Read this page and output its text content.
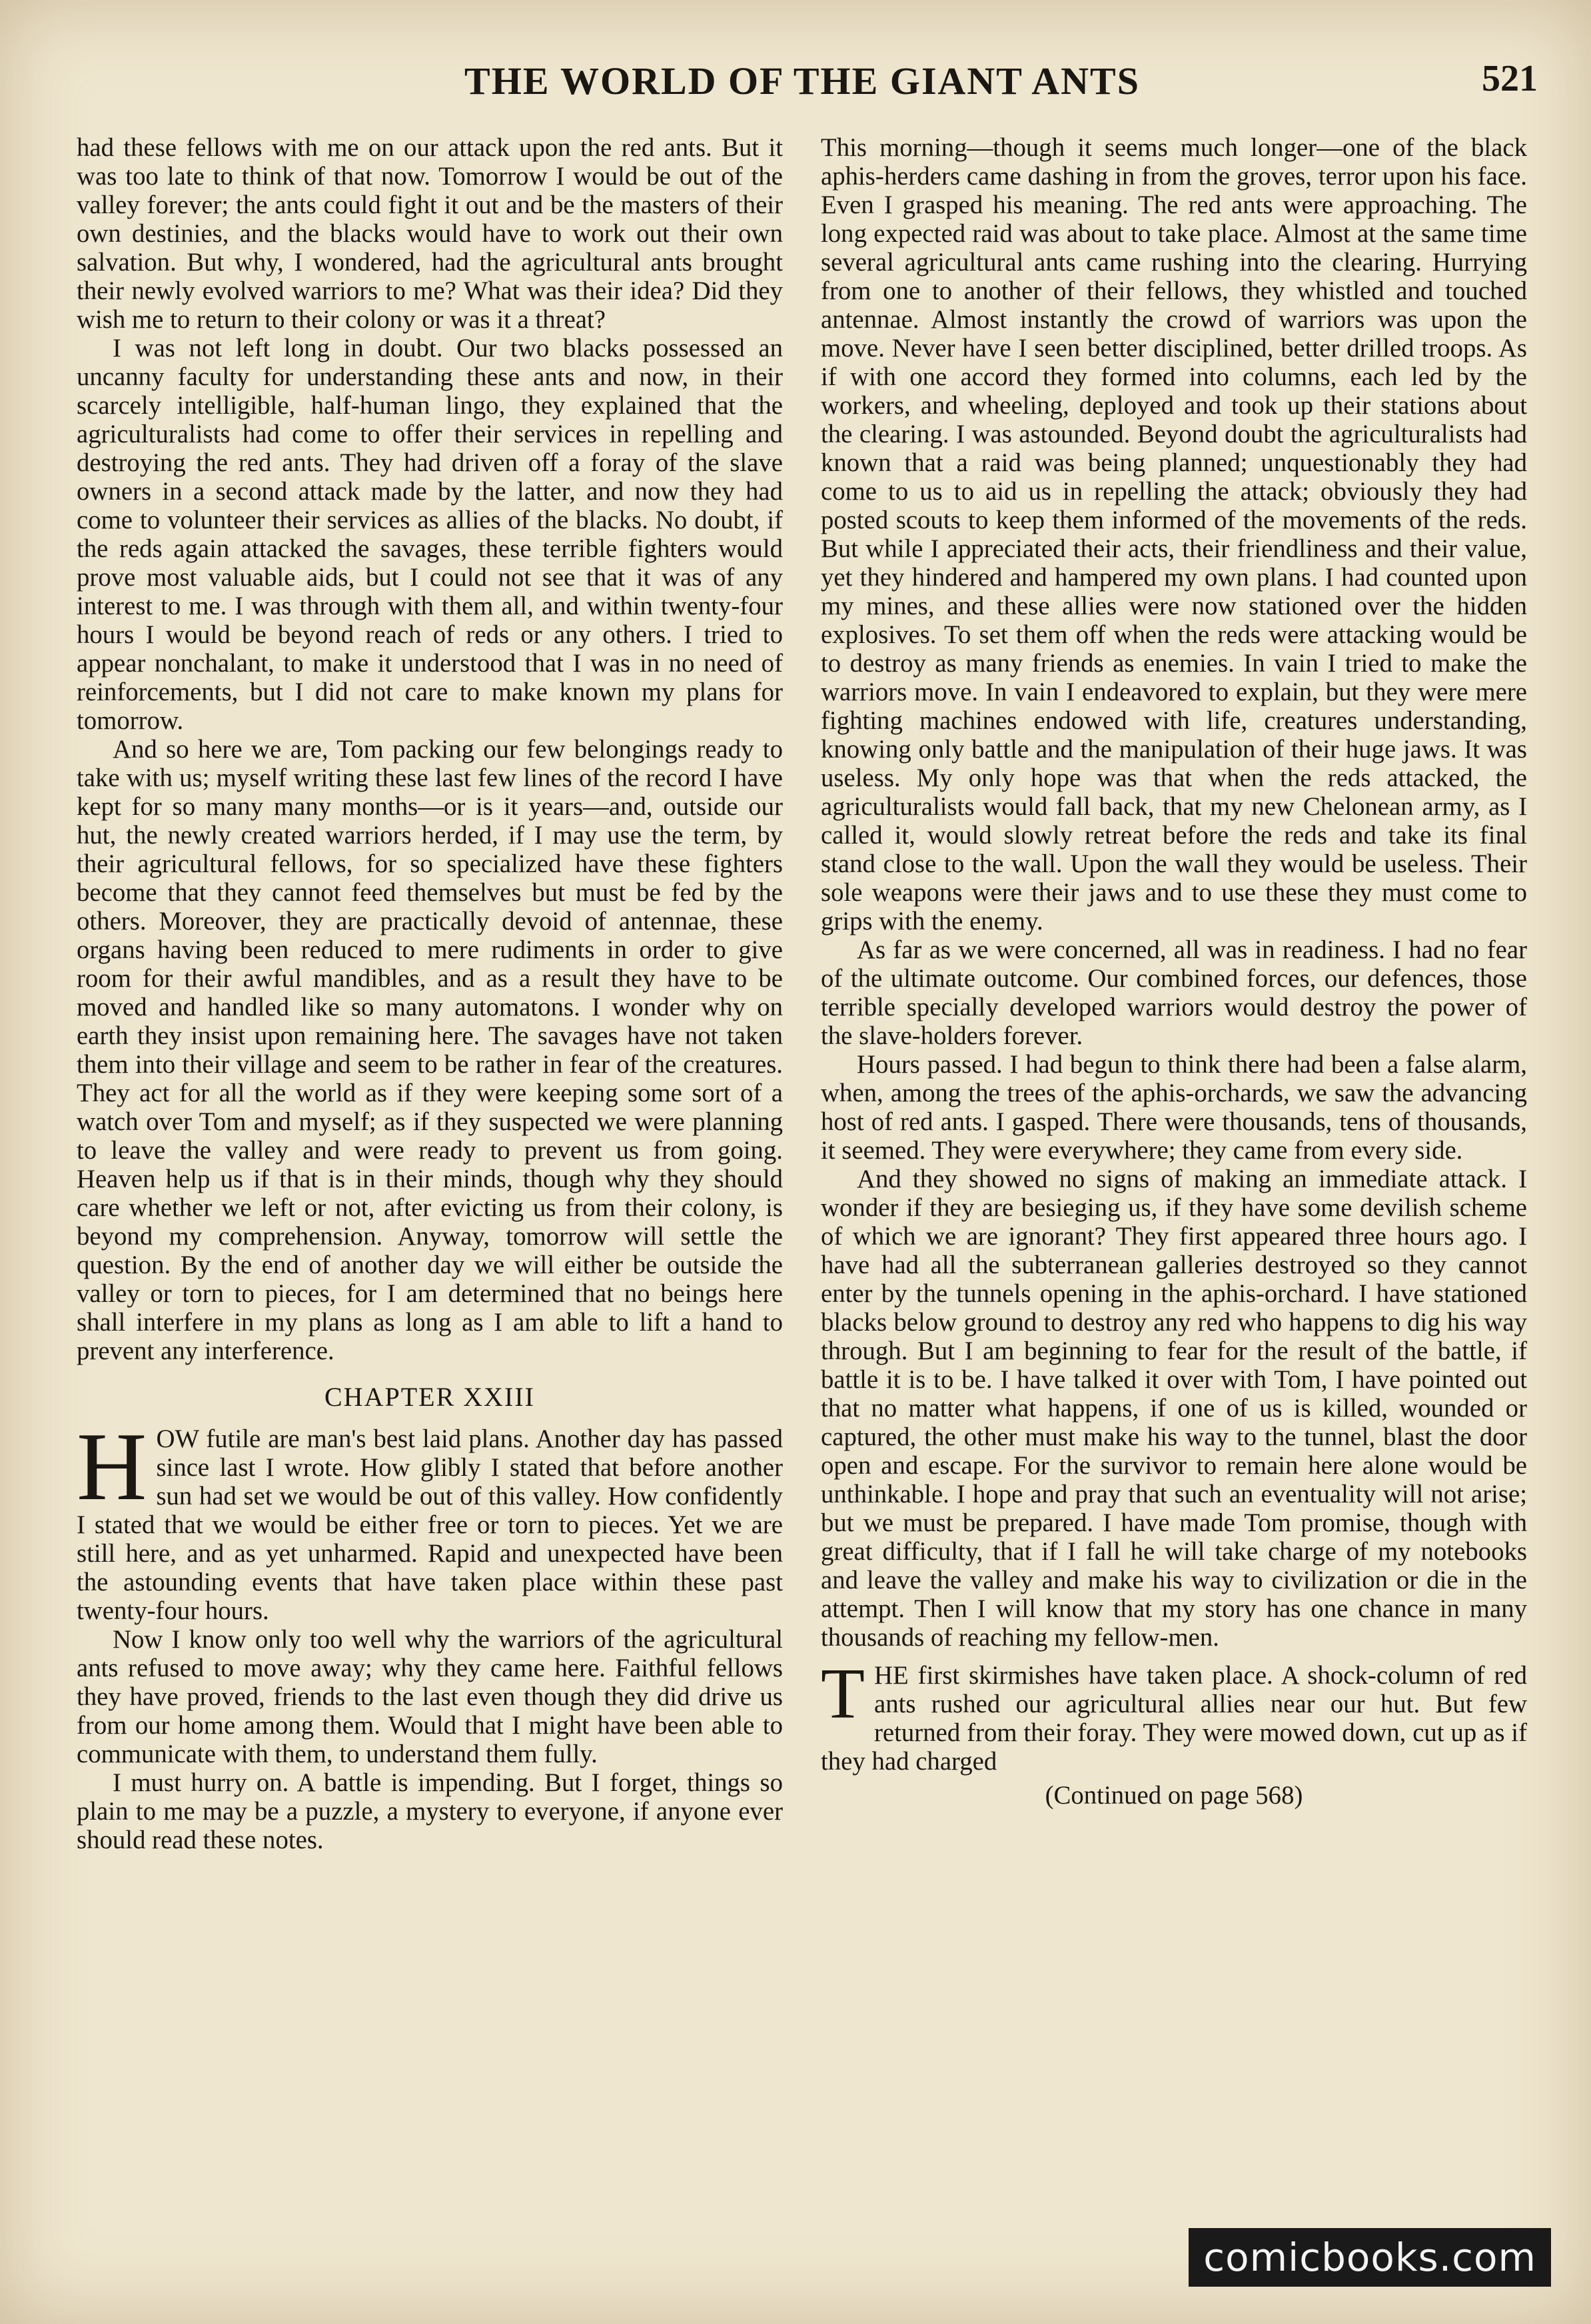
THE WORLD OF THE GIANT ANTS	521

had these fellows with me on our attack upon the red ants. But it was too late to think of that now. Tomorrow I would be out of the valley forever; the ants could fight it out and be the masters of their own destinies, and the blacks would have to work out their own salvation. But why, I wondered, had the agricultural ants brought their newly evolved warriors to me? What was their idea? Did they wish me to return to their colony or was it a threat?

I was not left long in doubt. Our two blacks possessed an uncanny faculty for understanding these ants and now, in their scarcely intelligible, half-human lingo, they explained that the agriculturalists had come to offer their services in repelling and destroying the red ants. They had driven off a foray of the slave owners in a second attack made by the latter, and now they had come to volunteer their services as allies of the blacks. No doubt, if the reds again attacked the savages, these terrible fighters would prove most valuable aids, but I could not see that it was of any interest to me. I was through with them all, and within twenty-four hours I would be beyond reach of reds or any others. I tried to appear nonchalant, to make it understood that I was in no need of reinforcements, but I did not care to make known my plans for tomorrow.

And so here we are, Tom packing our few belongings ready to take with us; myself writing these last few lines of the record I have kept for so many many months—or is it years—and, outside our hut, the newly created warriors herded, if I may use the term, by their agricultural fellows, for so specialized have these fighters become that they cannot feed themselves but must be fed by the others. Moreover, they are practically devoid of antennae, these organs having been reduced to mere rudiments in order to give room for their awful mandibles, and as a result they have to be moved and handled like so many automatons. I wonder why on earth they insist upon remaining here. The savages have not taken them into their village and seem to be rather in fear of the creatures. They act for all the world as if they were keeping some sort of a watch over Tom and myself; as if they suspected we were planning to leave the valley and were ready to prevent us from going. Heaven help us if that is in their minds, though why they should care whether we left or not, after evicting us from their colony, is beyond my comprehension. Anyway, tomorrow will settle the question. By the end of another day we will either be outside the valley or torn to pieces, for I am determined that no beings here shall interfere in my plans as long as I am able to lift a hand to prevent any interference.

CHAPTER XXIII

HOW futile are man's best laid plans. Another day has passed since last I wrote. How glibly I stated that before another sun had set we would be out of this valley. How confidently I stated that we would be either free or torn to pieces. Yet we are still here, and as yet unharmed. Rapid and unexpected have been the astounding events that have taken place within these past twenty-four hours.

Now I know only too well why the warriors of the agricultural ants refused to move away; why they came here. Faithful fellows they have proved, friends to the last even though they did drive us from our home among them. Would that I might have been able to communicate with them, to understand them fully.

I must hurry on. A battle is impending. But I forget, things so plain to me may be a puzzle, a mystery to everyone, if anyone ever should read these notes.

This morning—though it seems much longer—one of the black aphis-herders came dashing in from the groves, terror upon his face. Even I grasped his meaning. The red ants were approaching. The long expected raid was about to take place. Almost at the same time several agricultural ants came rushing into the clearing. Hurrying from one to another of their fellows, they whistled and touched antennae. Almost instantly the crowd of warriors was upon the move. Never have I seen better disciplined, better drilled troops. As if with one accord they formed into columns, each led by the workers, and wheeling, deployed and took up their stations about the clearing. I was astounded. Beyond doubt the agriculturalists had known that a raid was being planned; unquestionably they had come to us to aid us in repelling the attack; obviously they had posted scouts to keep them informed of the movements of the reds. But while I appreciated their acts, their friendliness and their value, yet they hindered and hampered my own plans. I had counted upon my mines, and these allies were now stationed over the hidden explosives. To set them off when the reds were attacking would be to destroy as many friends as enemies. In vain I tried to make the warriors move. In vain I endeavored to explain, but they were mere fighting machines endowed with life, creatures understanding, knowing only battle and the manipulation of their huge jaws. It was useless. My only hope was that when the reds attacked, the agriculturalists would fall back, that my new Chelonean army, as I called it, would slowly retreat before the reds and take its final stand close to the wall. Upon the wall they would be useless. Their sole weapons were their jaws and to use these they must come to grips with the enemy.

As far as we were concerned, all was in readiness. I had no fear of the ultimate outcome. Our combined forces, our defences, those terrible specially developed warriors would destroy the power of the slave-holders forever.

Hours passed. I had begun to think there had been a false alarm, when, among the trees of the aphis-orchards, we saw the advancing host of red ants. I gasped. There were thousands, tens of thousands, it seemed. They were everywhere; they came from every side.

And they showed no signs of making an immediate attack. I wonder if they are besieging us, if they have some devilish scheme of which we are ignorant? They first appeared three hours ago. I have had all the subterranean galleries destroyed so they cannot enter by the tunnels opening in the aphis-orchard. I have stationed blacks below ground to destroy any red who happens to dig his way through. But I am beginning to fear for the result of the battle, if battle it is to be. I have talked it over with Tom, I have pointed out that no matter what happens, if one of us is killed, wounded or captured, the other must make his way to the tunnel, blast the door open and escape. For the survivor to remain here alone would be unthinkable. I hope and pray that such an eventuality will not arise; but we must be prepared. I have made Tom promise, though with great difficulty, that if I fall he will take charge of my notebooks and leave the valley and make his way to civilization or die in the attempt. Then I will know that my story has one chance in many thousands of reaching my fellow-men.

THE first skirmishes have taken place. A shock-column of red ants rushed our agricultural allies near our hut. But few returned from their foray. They were mowed down, cut up as if they had charged

(Continued on page 568)
comicbooks.com
